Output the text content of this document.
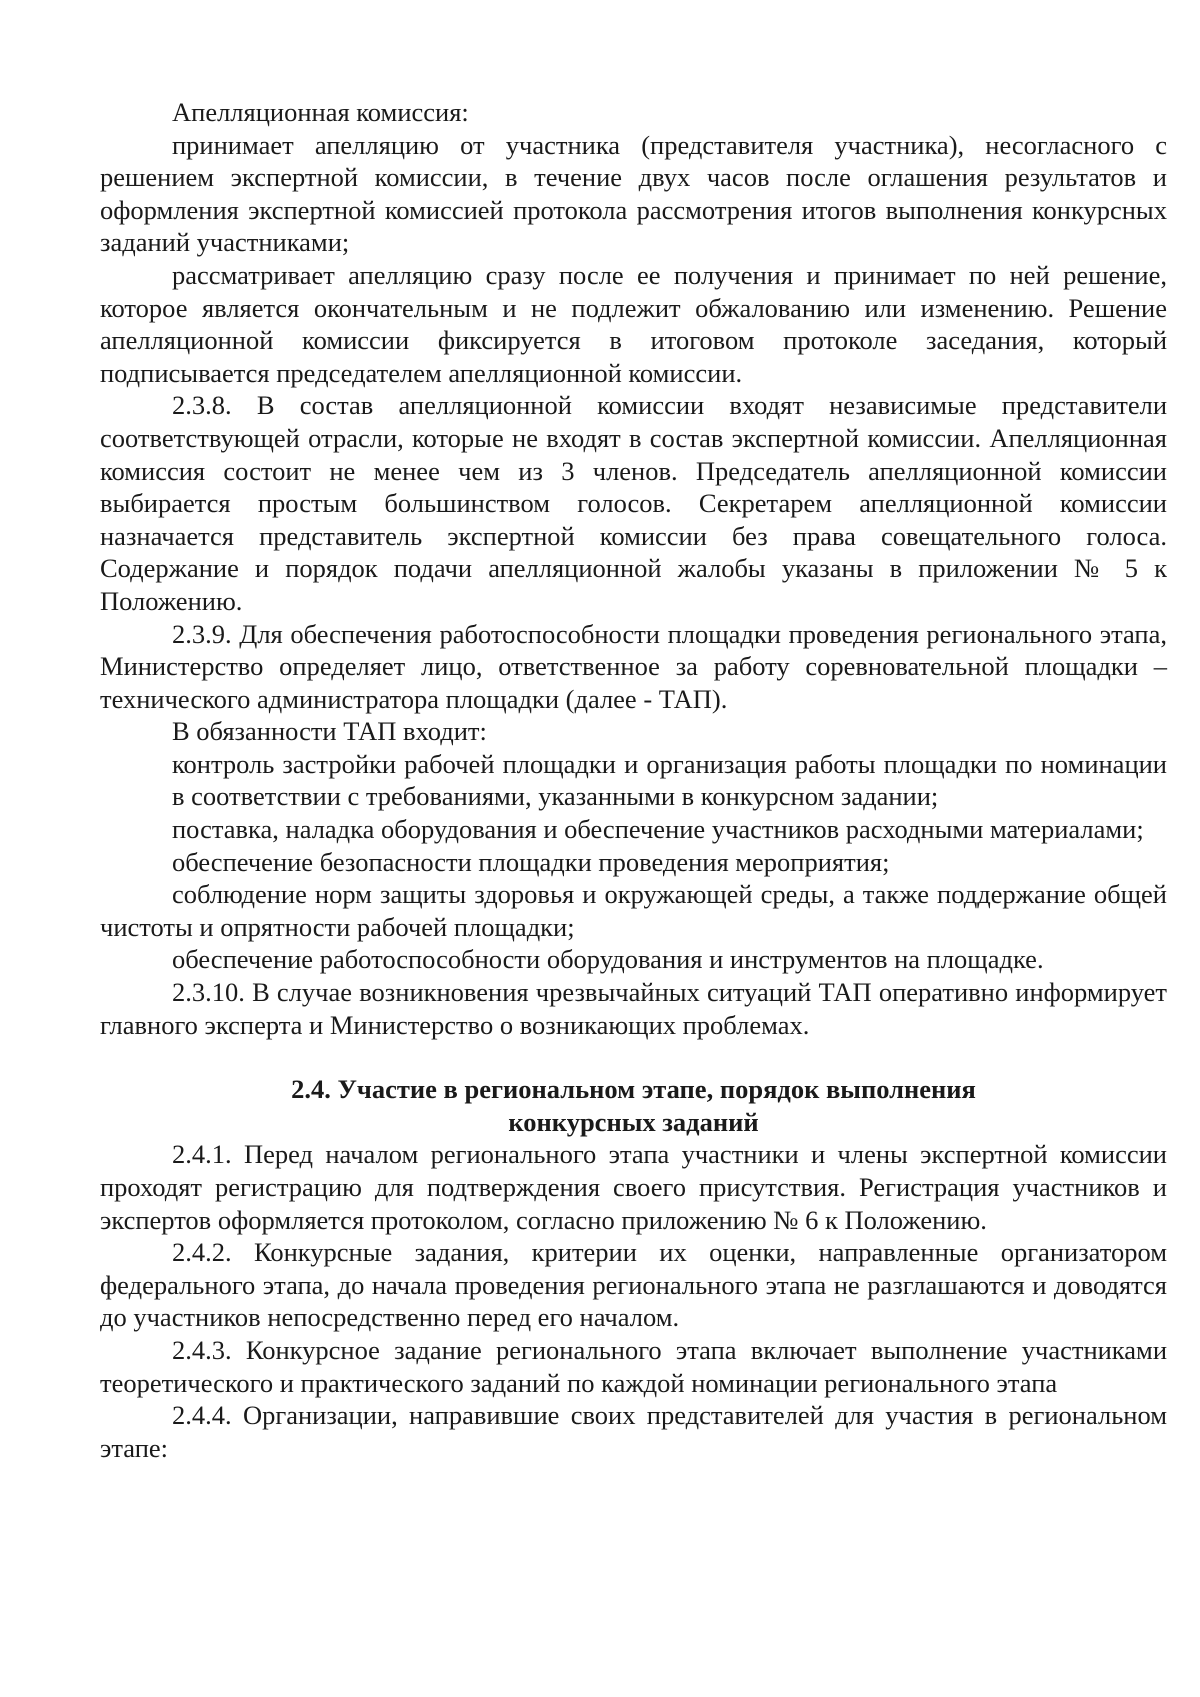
Апелляционная комиссия:

принимает апелляцию от участника (представителя участника), несогласного с решением экспертной комиссии, в течение двух часов после оглашения результатов и оформления экспертной комиссией протокола рассмотрения итогов выполнения конкурсных заданий участниками;

рассматривает апелляцию сразу после ее получения и принимает по ней решение, которое является окончательным и не подлежит обжалованию или изменению. Решение апелляционной комиссии фиксируется в итоговом протоколе заседания, который подписывается председателем апелляционной комиссии.

2.3.8. В состав апелляционной комиссии входят независимые представители соответствующей отрасли, которые не входят в состав экспертной комиссии. Апелляционная комиссия состоит не менее чем из 3 членов. Председатель апелляционной комиссии выбирается простым большинством голосов. Секретарем апелляционной комиссии назначается представитель экспертной комиссии без права совещательного голоса. Содержание и порядок подачи апелляционной жалобы указаны в приложении № 5 к Положению.

2.3.9. Для обеспечения работоспособности площадки проведения регионального этапа, Министерство определяет лицо, ответственное за работу соревновательной площадки – технического администратора площадки (далее - ТАП).

В обязанности ТАП входит:

контроль застройки рабочей площадки и организация работы площадки по номинации в соответствии с требованиями, указанными в конкурсном задании;

поставка, наладка оборудования и обеспечение участников расходными материалами;

обеспечение безопасности площадки проведения мероприятия;

соблюдение норм защиты здоровья и окружающей среды, а также поддержание общей чистоты и опрятности рабочей площадки;

обеспечение работоспособности оборудования и инструментов на площадке.

2.3.10. В случае возникновения чрезвычайных ситуаций ТАП оперативно информирует главного эксперта и Министерство о возникающих проблемах.

2.4. Участие в региональном этапе, порядок выполнения
конкурсных заданий

2.4.1. Перед началом регионального этапа участники и члены экспертной комиссии проходят регистрацию для подтверждения своего присутствия. Регистрация участников и экспертов оформляется протоколом, согласно приложению № 6 к Положению.

2.4.2. Конкурсные задания, критерии их оценки, направленные организатором федерального этапа, до начала проведения регионального этапа не разглашаются и доводятся до участников непосредственно перед его началом.

2.4.3. Конкурсное задание регионального этапа включает выполнение участниками теоретического и практического заданий по каждой номинации регионального этапа

2.4.4. Организации, направившие своих представителей для участия в региональном этапе:
